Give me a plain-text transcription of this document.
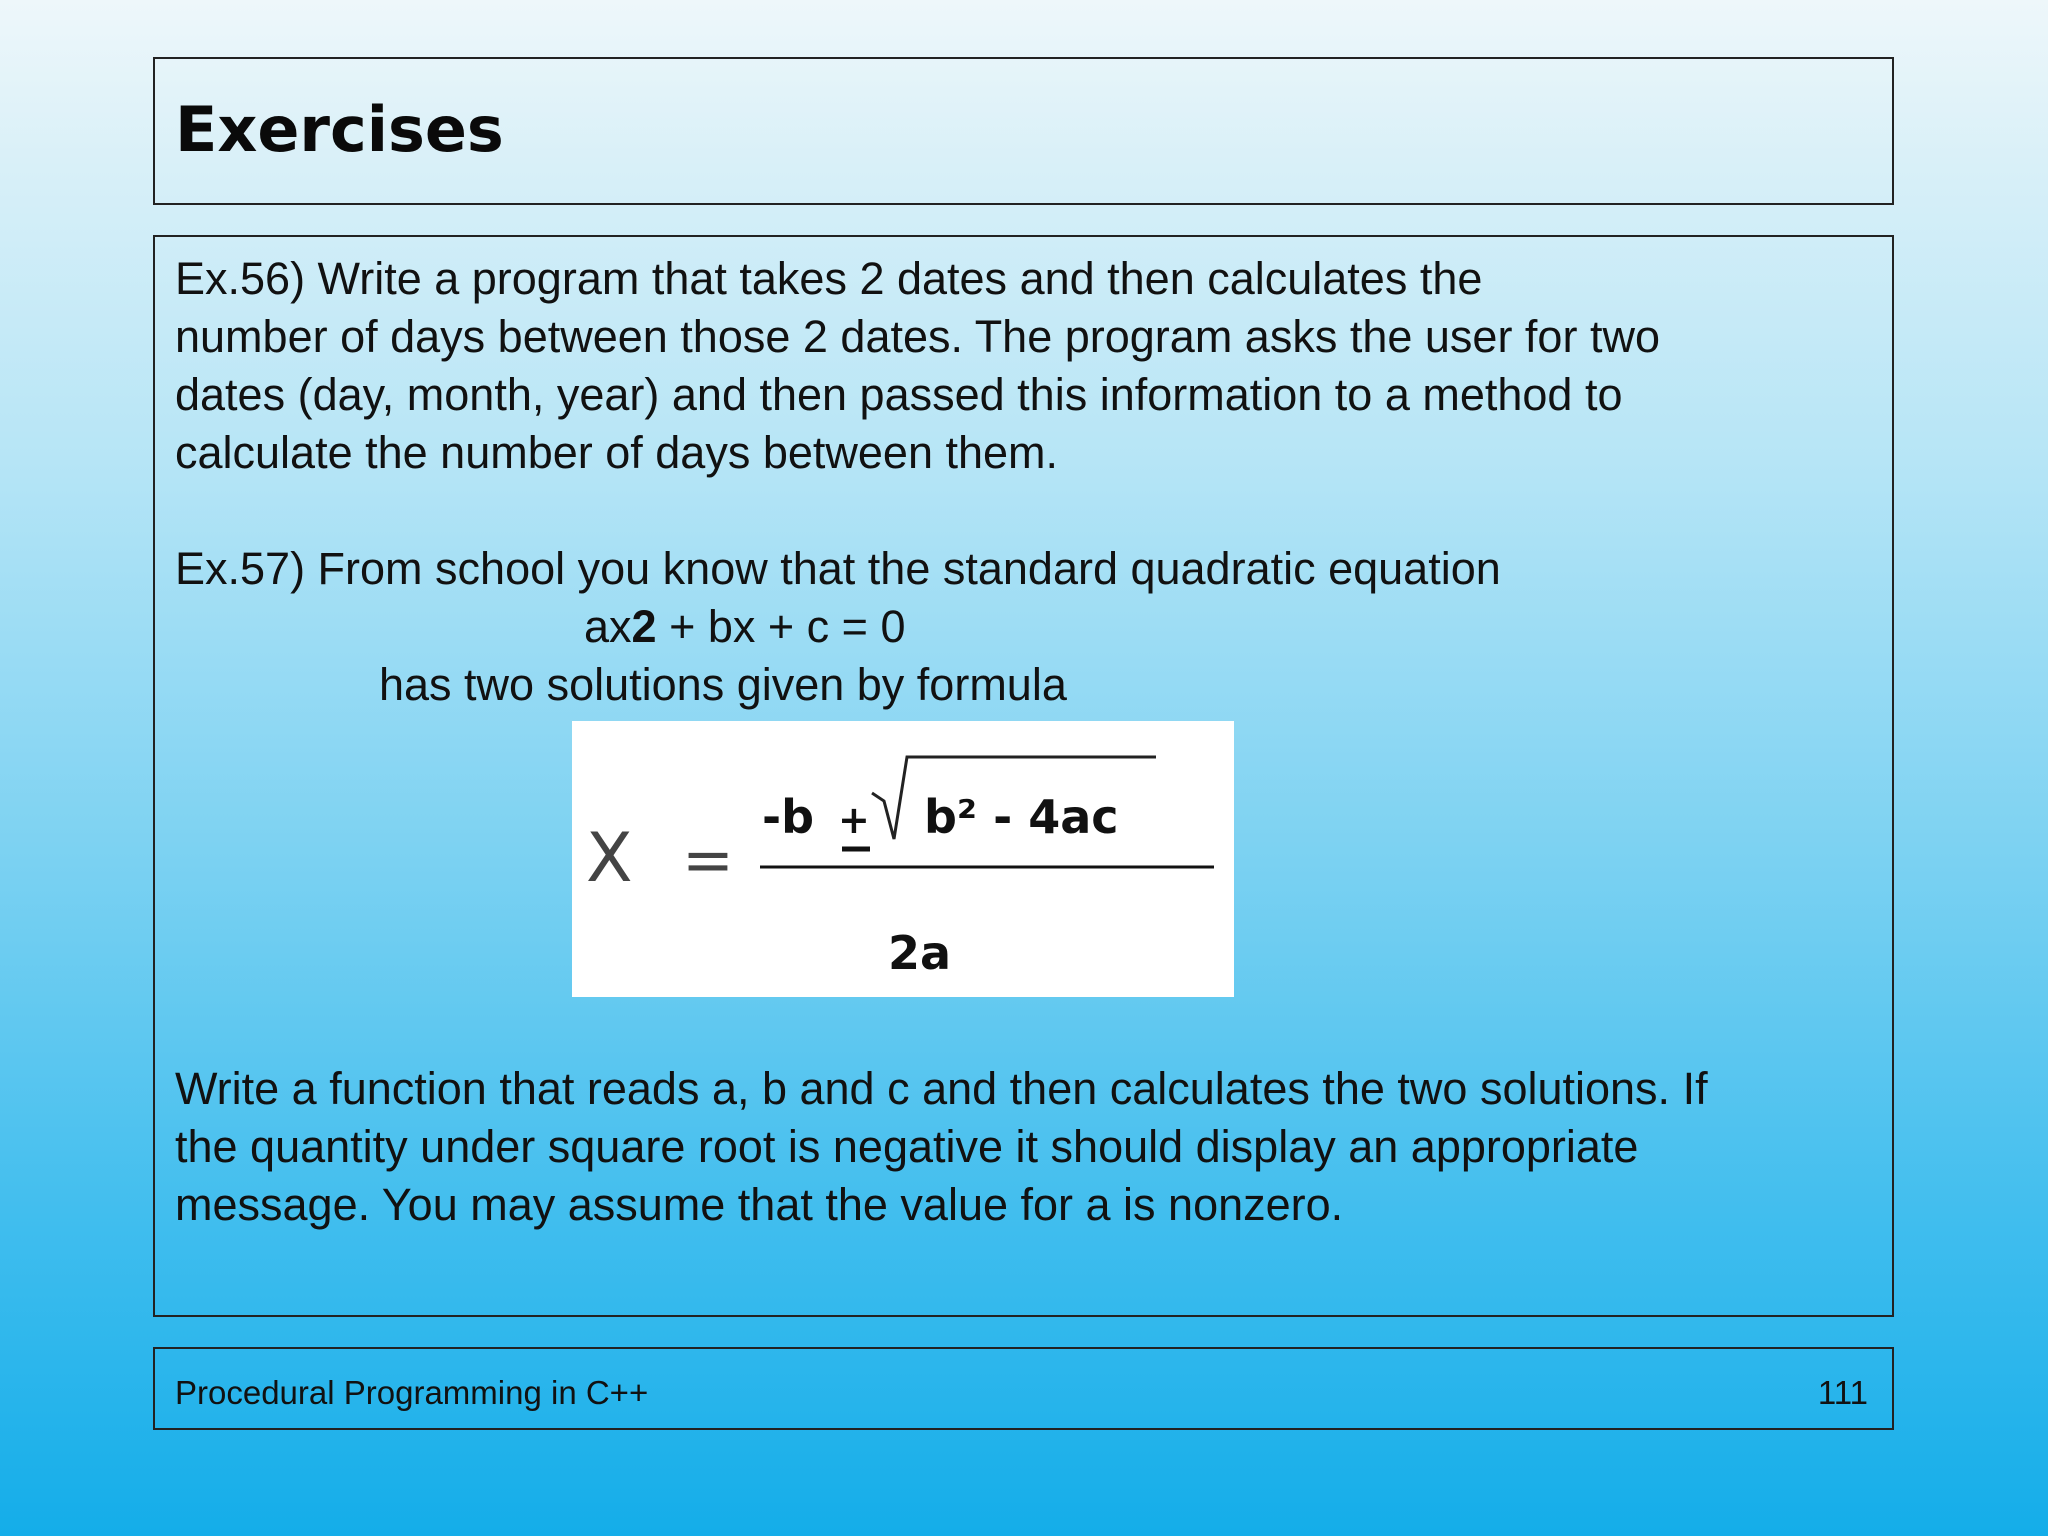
Exercises
Ex.56) Write a program that takes 2 dates and then calculates the
number of days between those 2 dates. The program asks the user for two
dates (day, month, year) and then passed this information to a method to
calculate the number of days between them.
Ex.57) From school you know that the standard quadratic equation
ax2 + bx + c = 0
has two solutions given by formula
X =
-b + b² - 4ac
2a
Write a function that reads a, b and c and then calculates the two solutions. If
the quantity under square root is negative it should display an appropriate
message. You may assume that the value for a is nonzero.
Procedural Programming in C++	111
